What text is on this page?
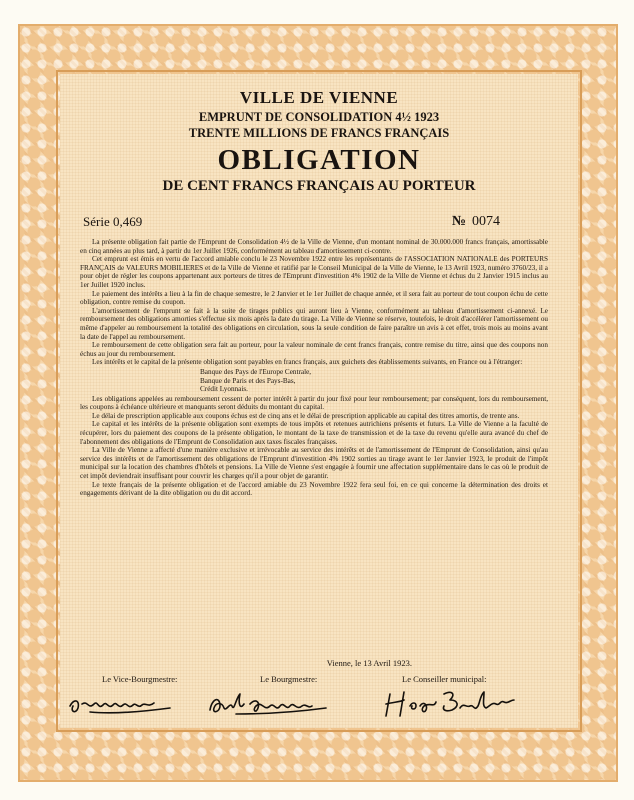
VILLE DE VIENNE
EMPRUNT DE CONSOLIDATION 4½ 1923
TRENTE MILLIONS DE FRANCS FRANÇAIS
OBLIGATION
DE CENT FRANCS FRANÇAIS AU PORTEUR
Série 0,469	№ 0074

La présente obligation fait partie de l'Emprunt de Consolidation 4½ de la Ville de Vienne, d'un montant nominal de 30.000.000 francs français, amortissable en cinq années au plus tard, à partir du 1er Juillet 1926, conformément au tableau d'amortissement ci-contre.

Cet emprunt est émis en vertu de l'accord amiable conclu le 23 Novembre 1922 entre les représentants de l'ASSOCIATION NATIONALE des PORTEURS FRANÇAIS de VALEURS MOBILIERES et de la Ville de Vienne et ratifié par le Conseil Municipal de la Ville de Vienne, le 13 Avril 1923, numéro 3760/23, il a pour objet de régler les coupons appartenant aux porteurs de titres de l'Emprunt d'investition 4% 1902 de la Ville de Vienne et échus du 2 Janvier 1915 inclus au 1er Juillet 1920 inclus.

Le paiement des intérêts a lieu à la fin de chaque semestre, le 2 Janvier et le 1er Juillet de chaque année, et il sera fait au porteur de tout coupon échu de cette obligation, contre remise du coupon.

L'amortissement de l'emprunt se fait à la suite de tirages publics qui auront lieu à Vienne, conformément au tableau d'amortissement ci-annexé. Le remboursement des obligations amorties s'effectue six mois après la date du tirage. La Ville de Vienne se réserve, toutefois, le droit d'accélérer l'amortissement ou même d'appeler au remboursement la totalité des obligations en circulation, sous la seule condition de faire paraître un avis à cet effet, trois mois au moins avant la date de l'appel au remboursement.

Le remboursement de cette obligation sera fait au porteur, pour la valeur nominale de cent francs français, contre remise du titre, ainsi que des coupons non échus au jour du remboursement.

Les intérêts et le capital de la présente obligation sont payables en francs français, aux guichets des établissements suivants, en France ou à l'étranger:

Banque des Pays de l'Europe Centrale,
Banque de Paris et des Pays-Bas,
Crédit Lyonnais.

Les obligations appelées au remboursement cessent de porter intérêt à partir du jour fixé pour leur remboursement; par conséquent, lors du remboursement, les coupons à échéance ultérieure et manquants seront déduits du montant du capital.

Le délai de prescription applicable aux coupons échus est de cinq ans et le délai de prescription applicable au capital des titres amortis, de trente ans.

Le capital et les intérêts de la présente obligation sont exempts de tous impôts et retenues autrichiens présents et futurs. La Ville de Vienne a la faculté de récupérer, lors du paiement des coupons de la présente obligation, le montant de la taxe de transmission et de la taxe du revenu qu'elle aura avancé du chef de l'abonnement des obligations de l'Emprunt de Consolidation aux taxes fiscales françaises.

La Ville de Vienne a affecté d'une manière exclusive et irrévocable au service des intérêts et de l'amortissement de l'Emprunt de Consolidation, ainsi qu'au service des intérêts et de l'amortissement des obligations de l'Emprunt d'investition 4% 1902 sorties au tirage avant le 1er Janvier 1923, le produit de l'impôt municipal sur la location des chambres d'hôtels et pensions. La Ville de Vienne s'est engagée à fournir une affectation supplémentaire dans le cas où le produit de cet impôt deviendrait insuffisant pour couvrir les charges qu'il a pour objet de garantir.

Le texte français de la présente obligation et de l'accord amiable du 23 Novembre 1922 fera seul foi, en ce qui concerne la détermination des droits et engagements dérivant de la dite obligation ou du dit accord.

Vienne, le 13 Avril 1923.
Le Vice-Bourgmestre:	Le Bourgmestre:	Le Conseiller municipal:
